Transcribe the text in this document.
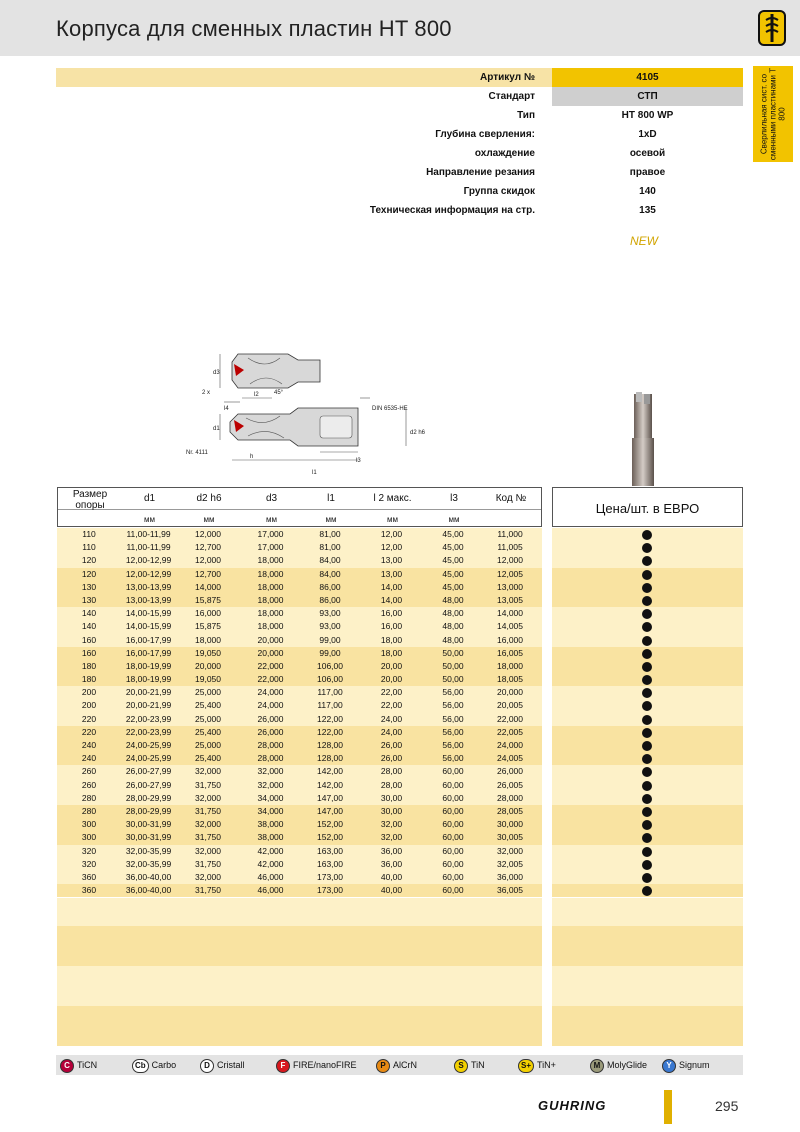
Корпуса для сменных пластин HT 800
Сверлильная сист. со сменными пластинами Т 800
Артикул №	4105
Стандарт	СТП
Тип	HT 800 WP
Глубина сверления:	1xD
охлаждение	осевой
Направление резания	правое
Группа скидок	140
Техническая информация на стр.	135
NEW
d3
2 x	l2	45°
l4	DIN 6535-HE
d1
d2 h6
Nr. 4111
h
l3
l1
Размер опоры
d1	d2 h6	d3	l1	l 2 макс.	l3	Код №
мм	мм	мм	мм	мм	мм
Цена/шт. в ЕВРО
110	11,00-11,99	12,000	17,000	81,00	12,00	45,00	11,000
110	11,00-11,99	12,700	17,000	81,00	12,00	45,00	11,005
120	12,00-12,99	12,000	18,000	84,00	13,00	45,00	12,000
120	12,00-12,99	12,700	18,000	84,00	13,00	45,00	12,005
130	13,00-13,99	14,000	18,000	86,00	14,00	45,00	13,000
130	13,00-13,99	15,875	18,000	86,00	14,00	48,00	13,005
140	14,00-15,99	16,000	18,000	93,00	16,00	48,00	14,000
140	14,00-15,99	15,875	18,000	93,00	16,00	48,00	14,005
160	16,00-17,99	18,000	20,000	99,00	18,00	48,00	16,000
160	16,00-17,99	19,050	20,000	99,00	18,00	50,00	16,005
180	18,00-19,99	20,000	22,000	106,00	20,00	50,00	18,000
180	18,00-19,99	19,050	22,000	106,00	20,00	50,00	18,005
200	20,00-21,99	25,000	24,000	117,00	22,00	56,00	20,000
200	20,00-21,99	25,400	24,000	117,00	22,00	56,00	20,005
220	22,00-23,99	25,000	26,000	122,00	24,00	56,00	22,000
220	22,00-23,99	25,400	26,000	122,00	24,00	56,00	22,005
240	24,00-25,99	25,000	28,000	128,00	26,00	56,00	24,000
240	24,00-25,99	25,400	28,000	128,00	26,00	56,00	24,005
260	26,00-27,99	32,000	32,000	142,00	28,00	60,00	26,000
260	26,00-27,99	31,750	32,000	142,00	28,00	60,00	26,005
280	28,00-29,99	32,000	34,000	147,00	30,00	60,00	28,000
280	28,00-29,99	31,750	34,000	147,00	30,00	60,00	28,005
300	30,00-31,99	32,000	38,000	152,00	32,00	60,00	30,000
300	30,00-31,99	31,750	38,000	152,00	32,00	60,00	30,005
320	32,00-35,99	32,000	42,000	163,00	36,00	60,00	32,000
320	32,00-35,99	31,750	42,000	163,00	36,00	60,00	32,005
360	36,00-40,00	32,000	46,000	173,00	40,00	60,00	36,000
360	36,00-40,00	31,750	46,000	173,00	40,00	60,00	36,005
C TiCN	Cb Carbo	D Cristall	F FIRE/nanoFIRE	P AlCrN	S TiN	S+ TiN+	M MolyGlide	Y Signum
GUHRING	295
